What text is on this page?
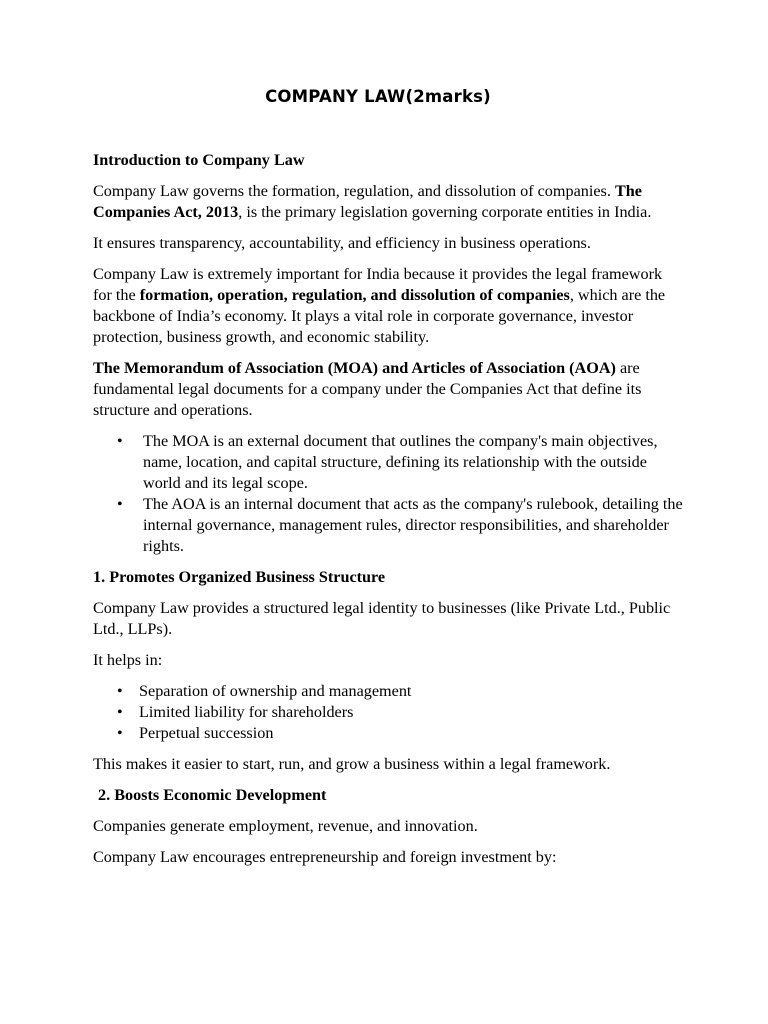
COMPANY LAW(2marks)
Introduction to Company Law

Company Law governs the formation, regulation, and dissolution of companies. The Companies Act, 2013, is the primary legislation governing corporate entities in India.

It ensures transparency, accountability, and efficiency in business operations.

Company Law is extremely important for India because it provides the legal framework for the formation, operation, regulation, and dissolution of companies, which are the backbone of India’s economy. It plays a vital role in corporate governance, investor protection, business growth, and economic stability.

The Memorandum of Association (MOA) and Articles of Association (AOA) are fundamental legal documents for a company under the Companies Act that define its structure and operations.

• The MOA is an external document that outlines the company's main objectives, name, location, and capital structure, defining its relationship with the outside world and its legal scope.
• The AOA is an internal document that acts as the company's rulebook, detailing the internal governance, management rules, director responsibilities, and shareholder rights.
1. Promotes Organized Business Structure

Company Law provides a structured legal identity to businesses (like Private Ltd., Public Ltd., LLPs).

It helps in:

• Separation of ownership and management
• Limited liability for shareholders
• Perpetual succession

This makes it easier to start, run, and grow a business within a legal framework.

2. Boosts Economic Development

Companies generate employment, revenue, and innovation.

Company Law encourages entrepreneurship and foreign investment by:
